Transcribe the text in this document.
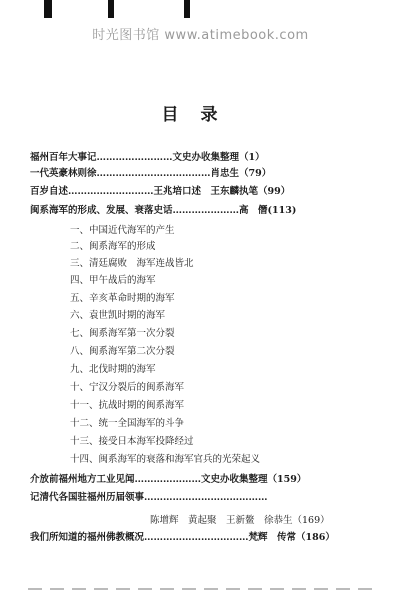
时光图书馆 www.atimebook.com
目录
福州百年大事记……………………文史办收集整理（1）
一代英豪林则徐………………………………肖忠生（79）
百岁自述………………………王兆培口述　王东麟执笔（99）
闽系海军的形成、发展、衰落史话…………………高　僭(113)
一、中国近代海军的产生
二、闽系海军的形成
三、清廷腐败　海军连战皆北
四、甲午战后的海军
五、辛亥革命时期的海军
六、袁世凯时期的海军
七、闽系海军第一次分裂
八、闽系海军第二次分裂
九、北伐时期的海军
十、宁汉分裂后的闽系海军
十一、抗战时期的闽系海军
十二、统一全国海军的斗争
十三、接受日本海军投降经过
十四、闽系海军的衰落和海军官兵的光荣起义
介放前福州地方工业见闻…………………文史办收集整理（159）
记清代各国驻福州历届领事…………………………………
陈增辉　黄起聚　王新鳌　徐恭生（169）
我们所知道的福州佛教概况……………………………梵辉　传常（186）
